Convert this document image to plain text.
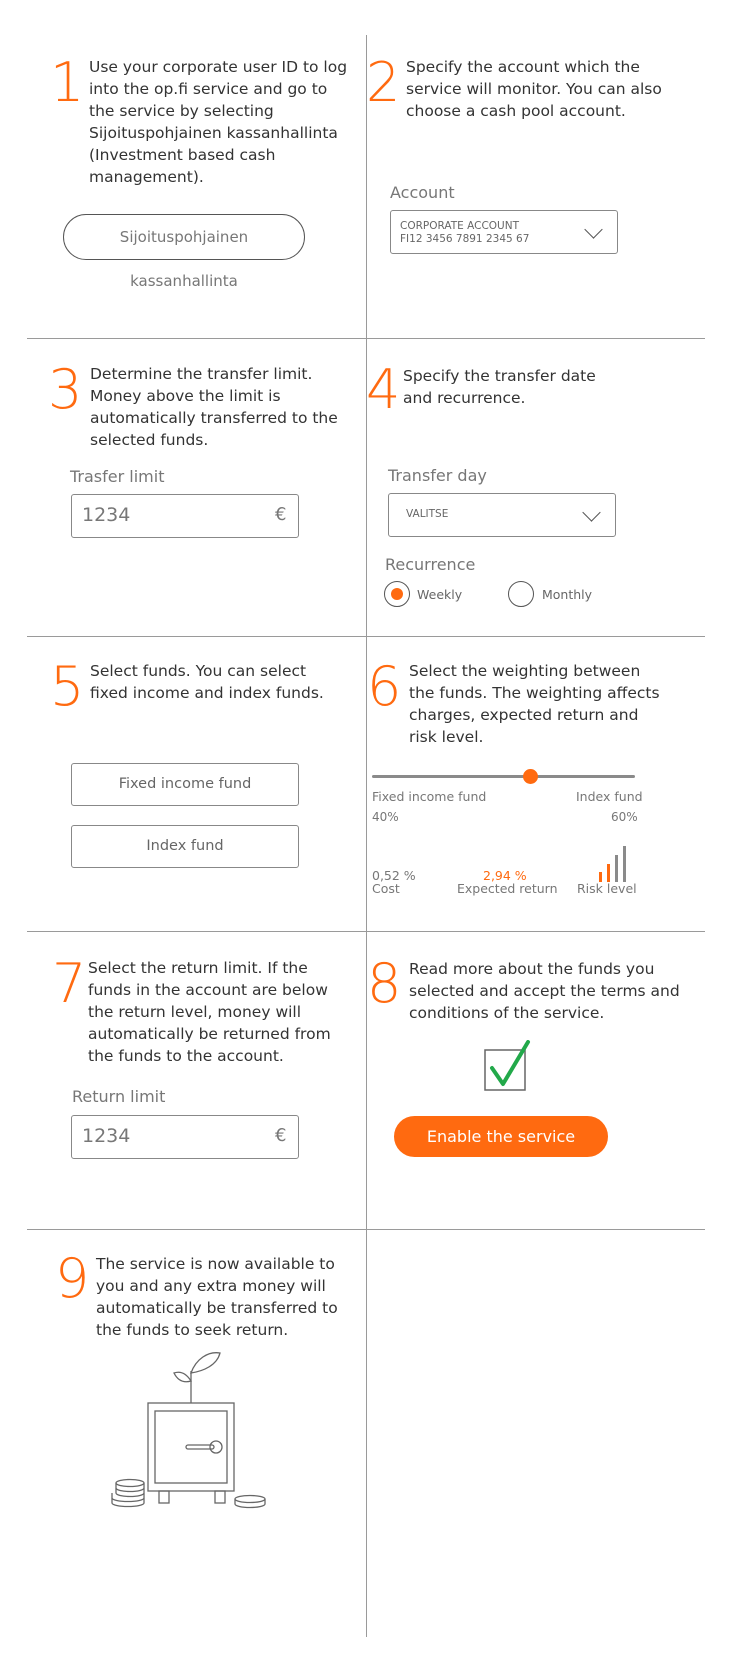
1 Use your corporate user ID to log
into the op.fi service and go to
the service by selecting
Sijoituspohjainen kassanhallinta
(Investment based cash
management).
Sijoituspohjainen kassanhallinta
2 Specify the account which the
service will monitor. You can also
choose a cash pool account.
Account
CORPORATE ACCOUNT
FI12 3456 7891 2345 67
3 Determine the transfer limit.
Money above the limit is
automatically transferred to the
selected funds.
Trasfer limit
1234	€
4 Specify the transfer date
and recurrence.
Transfer day
VALITSE
Recurrence
Weekly	Monthly
5 Select funds. You can select
fixed income and index funds.
Fixed income fund
Index fund
6 Select the weighting between
the funds. The weighting affects
charges, expected return and
risk level.
Fixed income fund	Index fund
40%	60%
0,52 %
Cost
2,94 %
Expected return Risk level
7 Select the return limit. If the
funds in the account are below
the return level, money will
automatically be returned from
the funds to the account.
Return limit
1234	€
8 Read more about the funds you
selected and accept the terms and
conditions of the service.
Enable the service
9 The service is now available to
you and any extra money will
automatically be transferred to
the funds to seek return.
